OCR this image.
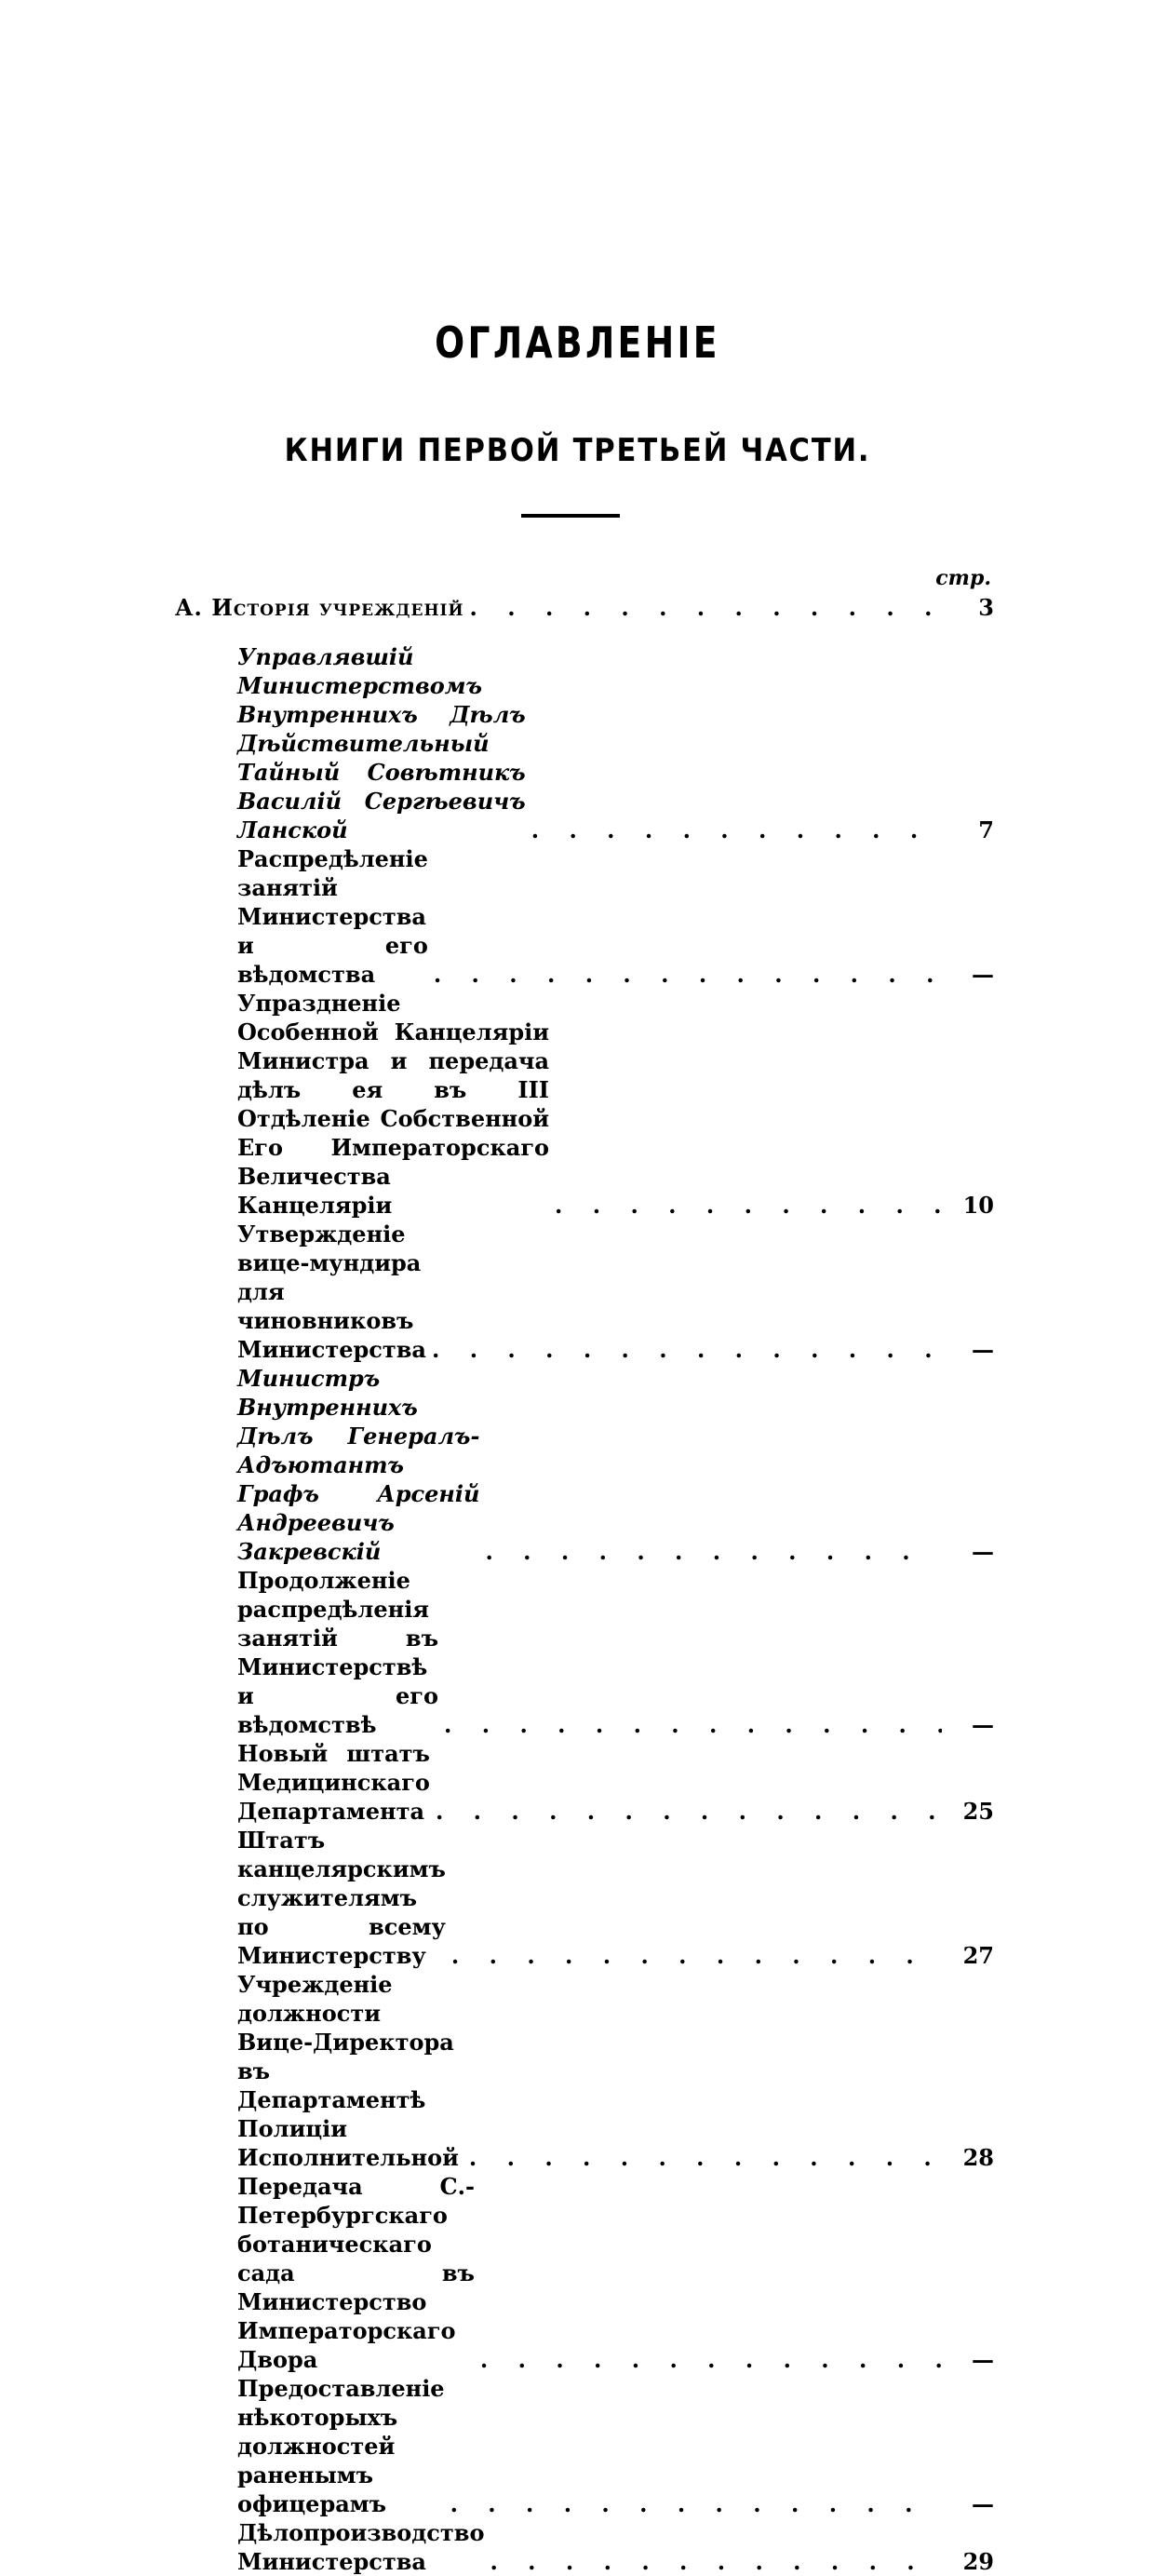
ОГЛАВЛЕНІЕ
КНИГИ ПЕРВОЙ ТРЕТЬЕЙ ЧАСТИ.
стр.
А. Исторія учрежденій . . .	3
Управлявшій Министерствомъ Внутреннихъ Дѣлъ Дѣйствительный Тайный Совѣтникъ Василій Сергѣевичъ Ланской . . .	7
Распредѣленіе занятій Министерства и его вѣдомства . . .	—
Упраздненіе Особенной Канцеляріи Министра и передача дѣлъ ея въ III Отдѣленіе Собственной Его Императорскаго Величества Канцеляріи . . .	10
Утвержденіе вице-мундира для чиновниковъ Министерства . . .	—
Министръ Внутреннихъ Дѣлъ Генералъ-Адъютантъ Графъ Арсеній Андреевичъ Закревскій . . .	—
Продолженіе распредѣленія занятій въ Министерствѣ и его вѣдомствѣ . . .	—
Новый штатъ Медицинскаго Департамента . . .	25
Штатъ канцелярскимъ служителямъ по всему Министерству . . .	27
Учрежденіе должности Вице-Директора въ Департаментѣ Полиціи Исполнительной . . .	28
Передача С.-Петербургскаго ботаническаго сада въ Министерство Императорскаго Двора . . .	—
Предоставленіе нѣкоторыхъ должностей раненымъ офицерамъ . . .	—
Дѣлопроизводство Министерства . . .	29
